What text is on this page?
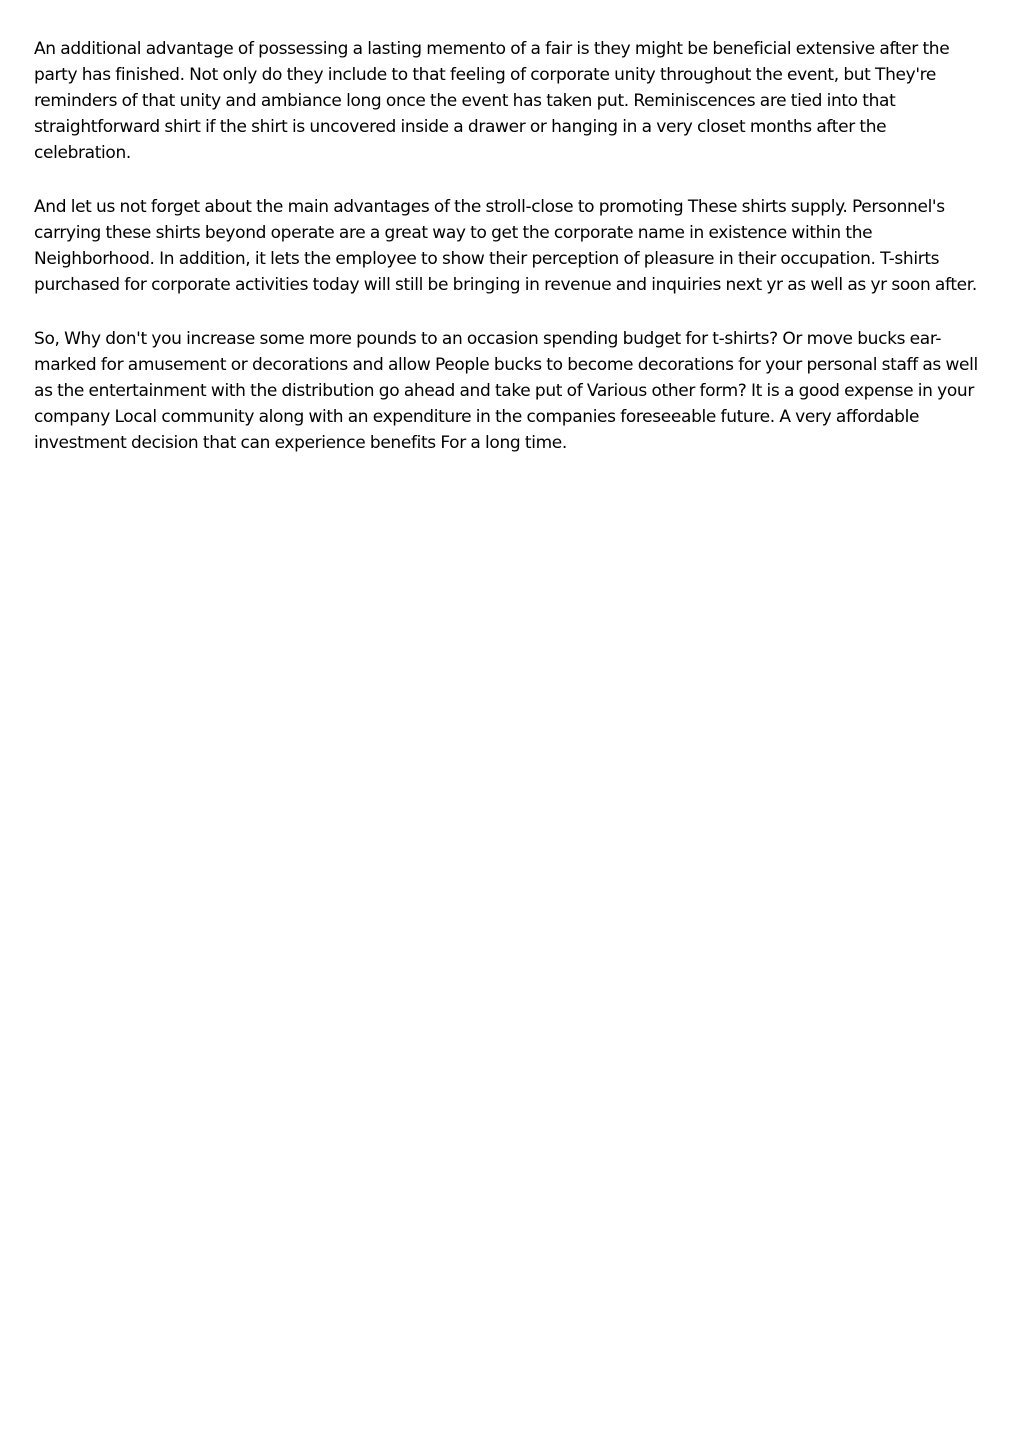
An additional advantage of possessing a lasting memento of a fair is they might be beneficial extensive after the party has finished. Not only do they include to that feeling of corporate unity throughout the event, but They're reminders of that unity and ambiance long once the event has taken put. Reminiscences are tied into that straightforward shirt if the shirt is uncovered inside a drawer or hanging in a very closet months after the celebration.

And let us not forget about the main advantages of the stroll-close to promoting These shirts supply. Personnel's carrying these shirts beyond operate are a great way to get the corporate name in existence within the Neighborhood. In addition, it lets the employee to show their perception of pleasure in their occupation. T-shirts purchased for corporate activities today will still be bringing in revenue and inquiries next yr as well as yr soon after.

So, Why don't you increase some more pounds to an occasion spending budget for t-shirts? Or move bucks ear-marked for amusement or decorations and allow People bucks to become decorations for your personal staff as well as the entertainment with the distribution go ahead and take put of Various other form? It is a good expense in your company Local community along with an expenditure in the companies foreseeable future. A very affordable investment decision that can experience benefits For a long time.
